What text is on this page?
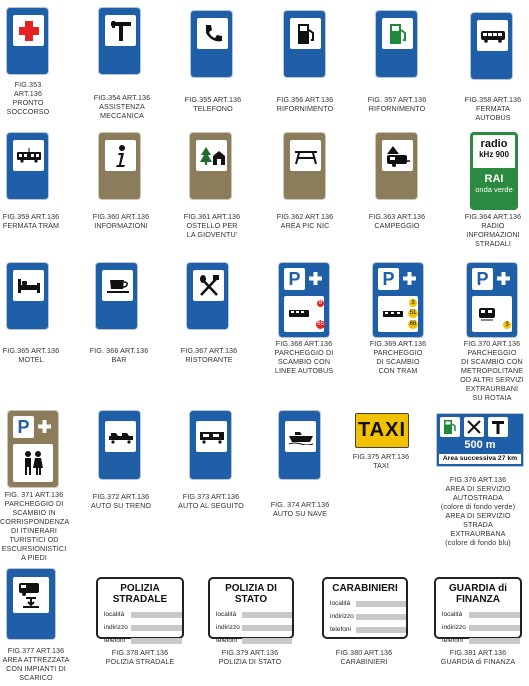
FIG.353 ART.136
PRONTO
SOCCORSO
FIG.354 ART.136
ASSISTENZA
MECCANICA
FIG.355 ART.136
TELEFONO
FIG.356 ART.136
RIFORNIMENTO
FIG. 357 ART.136
RIFORNIMENTO
FIG.358 ART.136
FERMATA
AUTOBUS
FIG.359 ART.136
FERMATA TRAM
FIG.360 ART.136
INFORMAZIONI
FIG.361 ART.136
OSTELLO PER
LA GIOVENTU'
FIG.362 ART.136
AREA PIC NIC
FIG.363 ART.136
CAMPEGGIO
radio
kHz 900
RAI
onda verde
FIG.364 ART.136
RADIO
INFORMAZIONI
STRADALI
FIG.365 ART.136
MOTEL
FIG. 366 ART.136
BAR
FIG.367 ART.136
RISTORANTE
P
8
65
FIG.368 ART.136
PARCHEGGIO DI
SCAMBIO CON
LINEE AUTOBUS
P
3
51
66
FIG.369 ART.136
PARCHEGGIO
DI SCAMBIO
CON TRAM
P
3
FIG.370 ART.136
PARCHEGGIO
DI SCAMBIO CON
METROPOLITANE
OD ALTRI SERVIZI
EXTRAURBANI
SU ROTAIA
P
FIG. 371 ART.136
PARCHEGGIO DI
SCAMBIO IN
CORRISPONDENZA
DI ITINERARI
TURISTICI OD
ESCURSIONISTICI
A PIEDI
FIG.372 ART.136
AUTO SU TRENO
FIG.373 ART.136
AUTO AL SEGUITO	FIG. 374 ART.136
AUTO SU NAVE
TAXI
FIG.375 ART.136
TAXI
500 m
Area successiva 27 km
FIG.376 ART.136
AREA DI SERVIZIO
AUTOSTRADA
(colore di fondo verde)
AREA DI SERVIZIO
STRADA
EXTRAURBANA
(colore di fondo blu)
FIG.377 ART.136
AREA ATTREZZATA
CON IMPIANTI DI
SCARICO
POLIZIA STRADALE
località
indirizzo
telefoni
FIG.378 ART.136
POLIZIA STRADALE
POLIZIA DI STATO
località
indirizzo
telefoni
FIG.379 ART.136
POLIZIA DI STATO
CARABINIERI
località
indirizzo
telefoni
FIG.380 ART.136
CARABINIERI
GUARDIA di FINANZA
località
indirizzo
telefoni
FIG.381 ART.136
GUARDIA di FINANZA
